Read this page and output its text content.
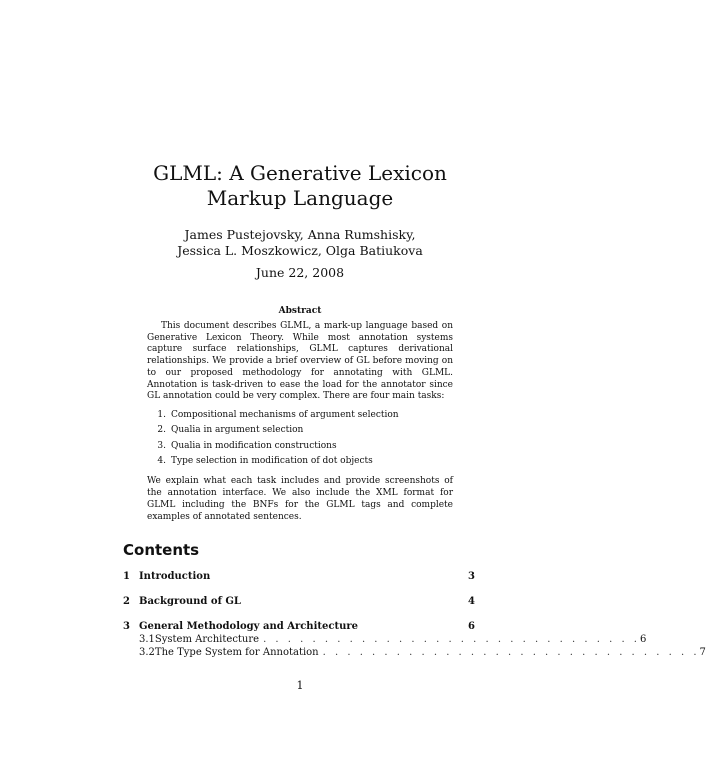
GLML: A Generative Lexicon
Markup Language
James Pustejovsky, Anna Rumshisky,
Jessica L. Moszkowicz, Olga Batiukova
June 22, 2008
Abstract

This document describes GLML, a mark-up language based on Generative Lexicon Theory. While most annotation systems capture surface relationships, GLML captures derivational relationships. We provide a brief overview of GL before moving on to our proposed methodology for annotating with GLML. Annotation is task-driven to ease the load for the annotator since GL annotation could be very complex. There are four main tasks:

1. Compositional mechanisms of argument selection
2. Qualia in argument selection
3. Qualia in modification constructions
4. Type selection in modification of dot objects

We explain what each task includes and provide screenshots of the annotation interface. We also include the XML format for GLML including the BNFs for the GLML tags and complete examples of annotated sentences.

Contents
1 Introduction	3
2 Background of GL	4
3 General Methodology and Architecture	6
3.1 System Architecture . . . . . . . . . . . . . . . . . . . . . . . . . . . . . . . 6
3.2 The Type System for Annotation . . . . . . . . . . . . . . . . . . . . . . . . . . . . . . . 7
1
